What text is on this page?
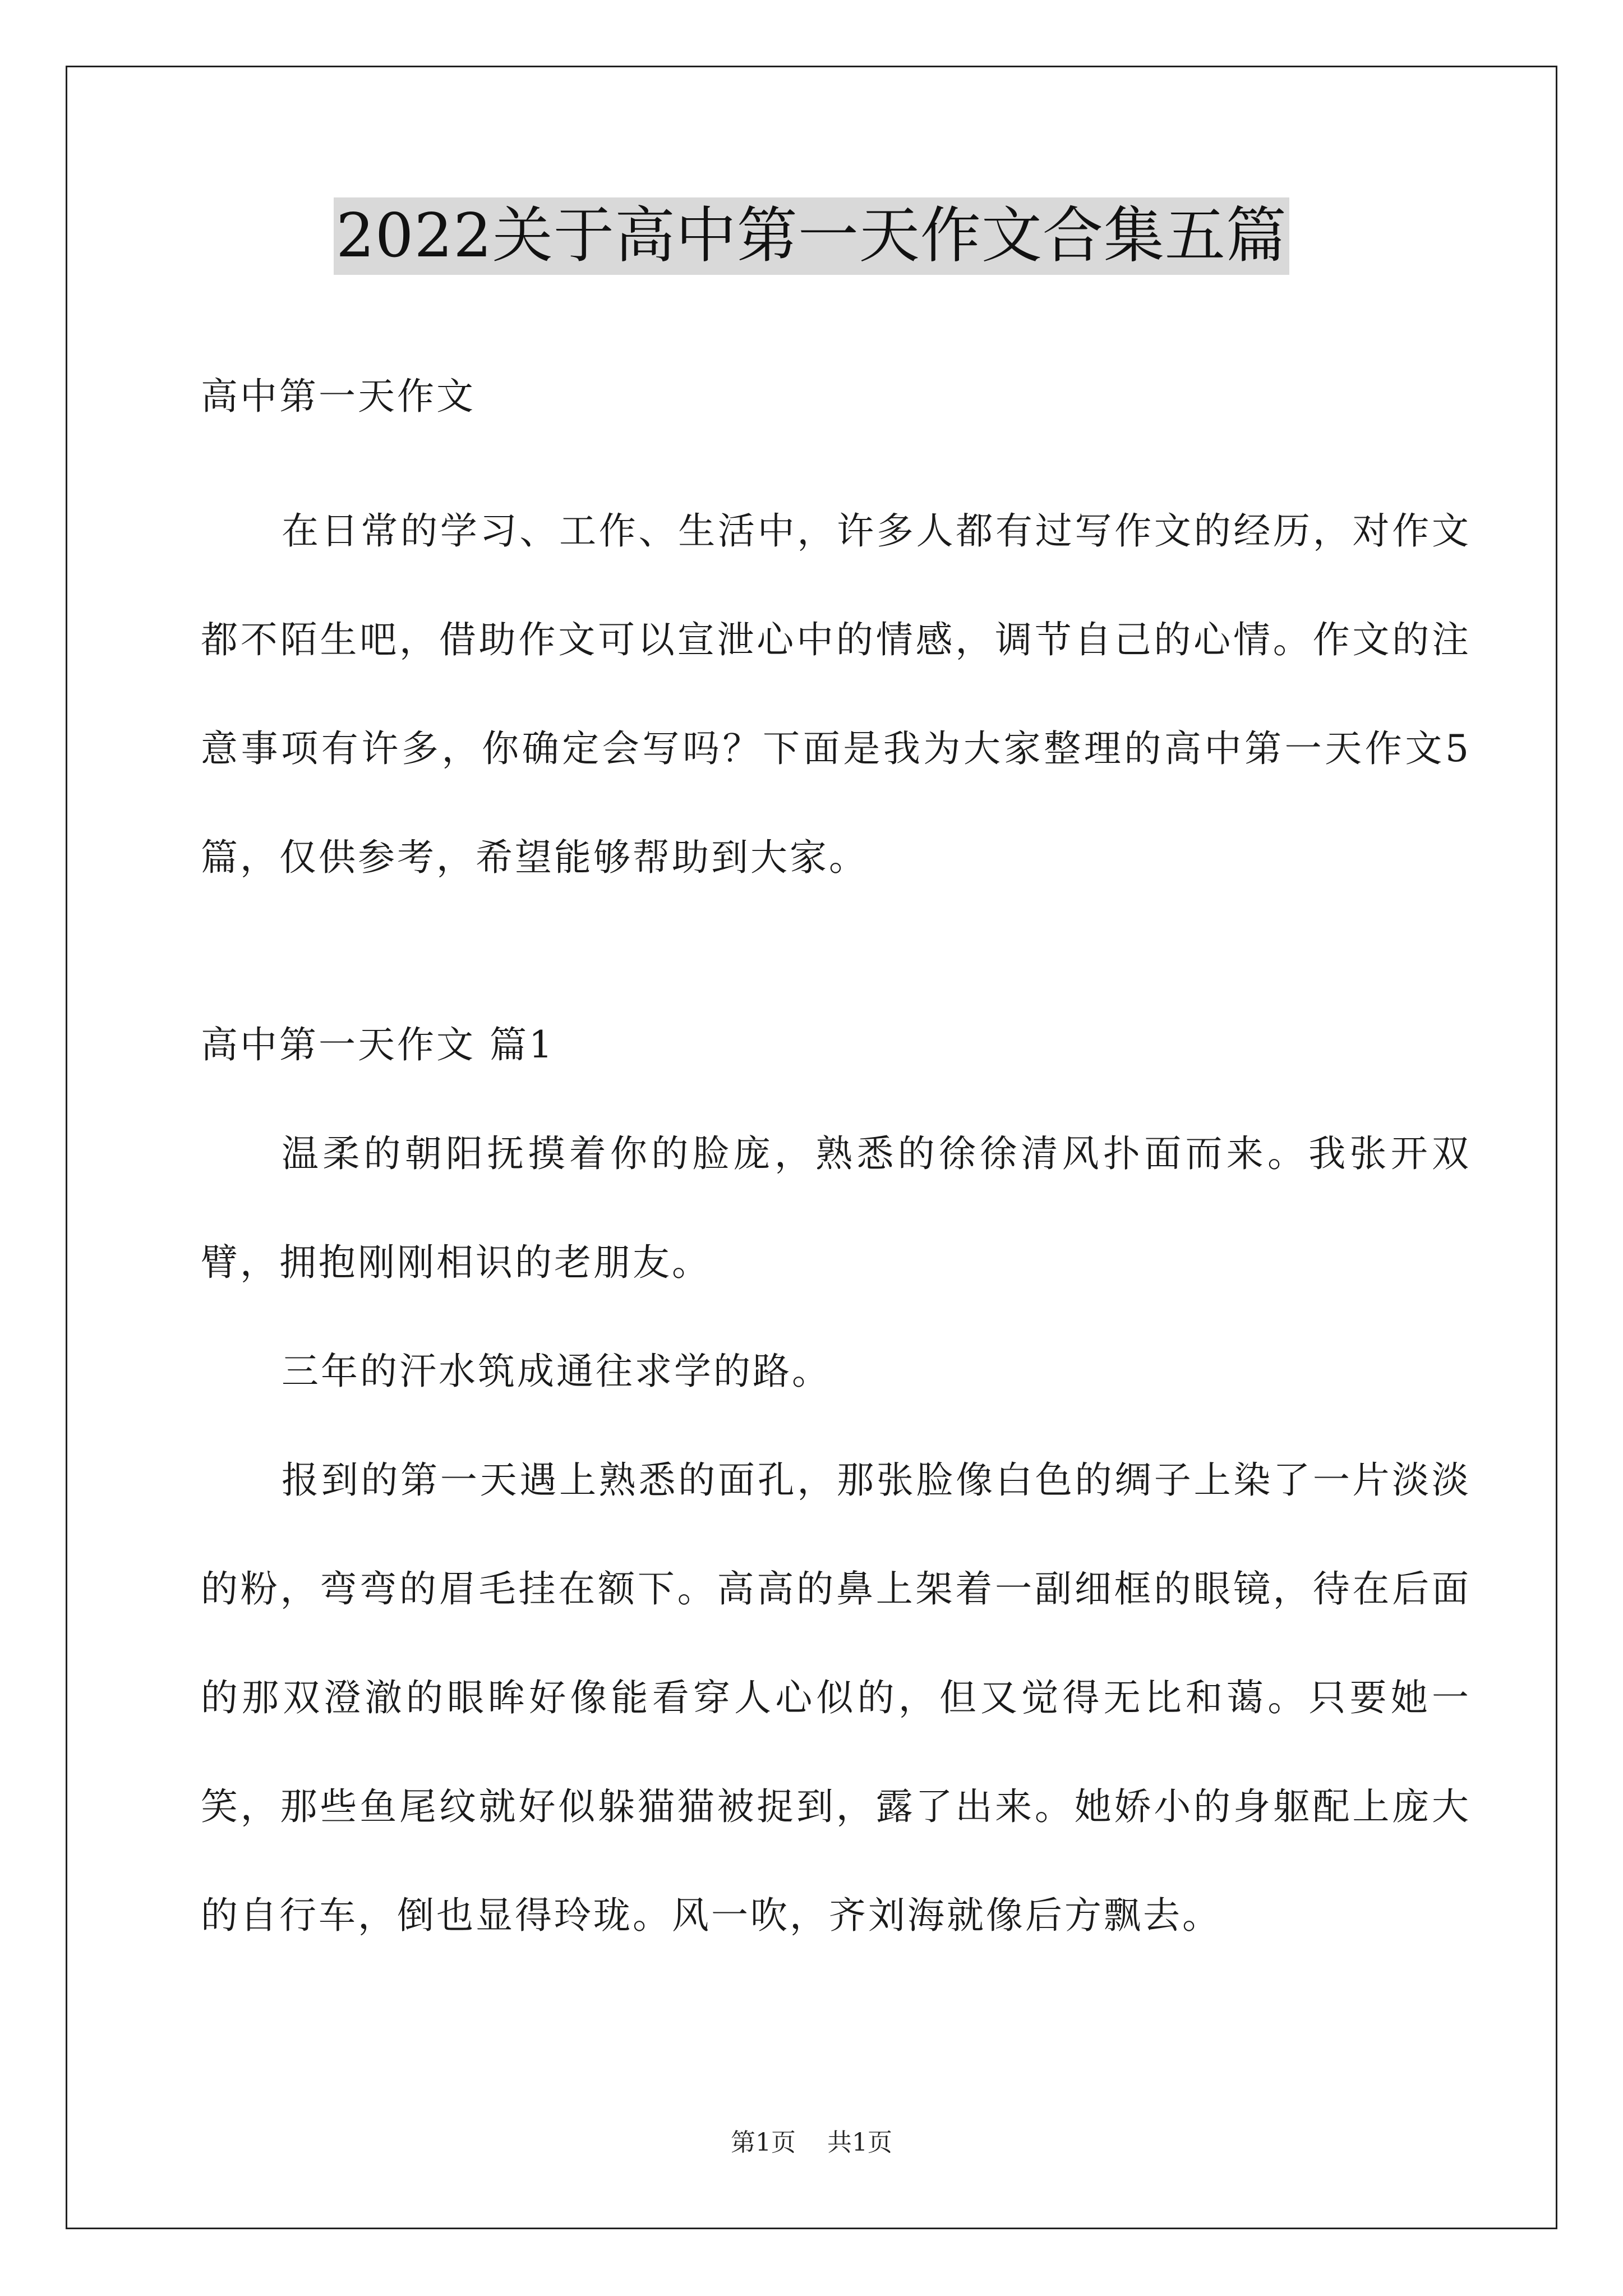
2022关于高中第一天作文合集五篇

高中第一天作文

在日常的学习、工作、生活中，许多人都有过写作文的经历，对作文都不陌生吧，借助作文可以宣泄心中的情感，调节自己的心情。作文的注意事项有许多，你确定会写吗？下面是我为大家整理的高中第一天作文5篇，仅供参考，希望能够帮助到大家。

高中第一天作文 篇1

温柔的朝阳抚摸着你的脸庞，熟悉的徐徐清风扑面而来。我张开双臂，拥抱刚刚相识的老朋友。

三年的汗水筑成通往求学的路。

报到的第一天遇上熟悉的面孔，那张脸像白色的绸子上染了一片淡淡的粉，弯弯的眉毛挂在额下。高高的鼻上架着一副细框的眼镜，待在后面的那双澄澈的眼眸好像能看穿人心似的，但又觉得无比和蔼。只要她一笑，那些鱼尾纹就好似躲猫猫被捉到，露了出来。她娇小的身躯配上庞大的自行车，倒也显得玲珑。风一吹，齐刘海就像后方飘去。

第1页    共1页
